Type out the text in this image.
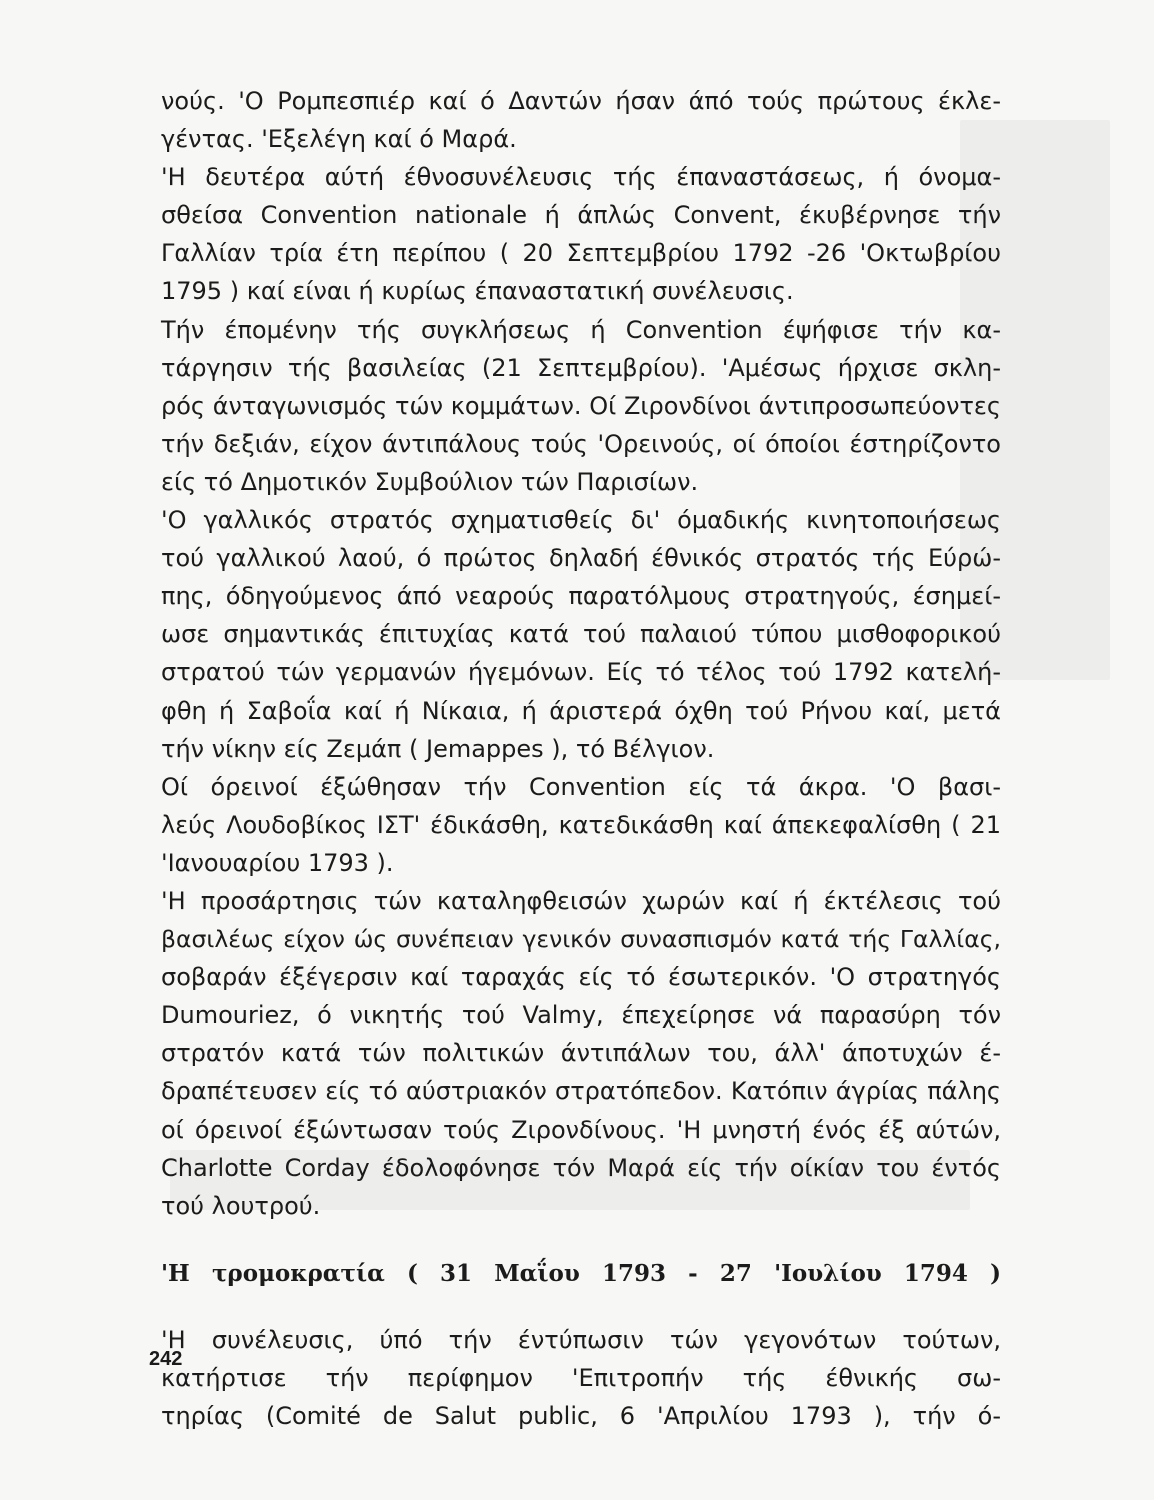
νούς. 'Ο Ρομπεσπιέρ καί ό Δαντών ήσαν άπό τούς πρώτους έκλε-
γέντας. 'Εξελέγη καί ό Μαρά.
'Η δευτέρα αύτή έθνοσυνέλευσις τής έπαναστάσεως, ή όνομα-
σθείσα Convention nationale ή άπλώς Convent, έκυβέρνησε τήν
Γαλλίαν τρία έτη περίπου ( 20 Σεπτεμβρίου 1792 -26 'Οκτωβρίου
1795 ) καί είναι ή κυρίως έπαναστατική συνέλευσις.
Τήν έπομένην τής συγκλήσεως ή Convention έψήφισε τήν κα-
τάργησιν τής βασιλείας (21 Σεπτεμβρίου). 'Αμέσως ήρχισε σκλη-
ρός άνταγωνισμός τών κομμάτων. Οί Ζιρονδίνοι άντιπροσωπεύοντες
τήν δεξιάν, είχον άντιπάλους τούς 'Ορεινούς, οί όποίοι έστηρίζοντο
είς τό Δημοτικόν Συμβούλιον τών Παρισίων.
'Ο γαλλικός στρατός σχηματισθείς δι' όμαδικής κινητοποιήσεως
τού γαλλικού λαού, ό πρώτος δηλαδή έθνικός στρατός τής Εύρώ-
πης, όδηγούμενος άπό νεαρούς παρατόλμους στρατηγούς, έσημεί-
ωσε σημαντικάς έπιτυχίας κατά τού παλαιού τύπου μισθοφορικού
στρατού τών γερμανών ήγεμόνων. Είς τό τέλος τού 1792 κατελή-
φθη ή Σαβοΐα καί ή Νίκαια, ή άριστερά όχθη τού Ρήνου καί, μετά
τήν νίκην είς Ζεμάπ ( Jemappes ), τό Βέλγιον.
Οί όρεινοί έξώθησαν τήν Convention είς τά άκρα. 'Ο βασι-
λεύς Λουδοβίκος ΙΣΤ' έδικάσθη, κατεδικάσθη καί άπεκεφαλίσθη ( 21
'Ιανουαρίου 1793 ).
'Η προσάρτησις τών καταληφθεισών χωρών καί ή έκτέλεσις τού
βασιλέως είχον ώς συνέπειαν γενικόν συνασπισμόν κατά τής Γαλλίας,
σοβαράν έξέγερσιν καί ταραχάς είς τό έσωτερικόν. 'Ο στρατηγός
Dumouriez, ό νικητής τού Valmy, έπεχείρησε νά παρασύρη τόν
στρατόν κατά τών πολιτικών άντιπάλων του, άλλ' άποτυχών έ-
δραπέτευσεν είς τό αύστριακόν στρατόπεδον. Κατόπιν άγρίας πάλης
οί όρεινοί έξώντωσαν τούς Ζιρονδίνους. 'Η μνηστή ένός έξ αύτών,
Charlotte Corday έδολοφόνησε τόν Μαρά είς τήν οίκίαν του έντός
τού λουτρού.
'Η τρομοκρατία ( 31 Μαΐου 1793 - 27 'Ιουλίου 1794 )
'Η συνέλευσις, ύπό τήν έντύπωσιν τών γεγονότων τούτων,
κατήρτισε τήν περίφημον 'Επιτροπήν τής έθνικής σω-
τηρίας (Comité de Salut public, 6 'Απριλίου 1793 ), τήν ό-
242
